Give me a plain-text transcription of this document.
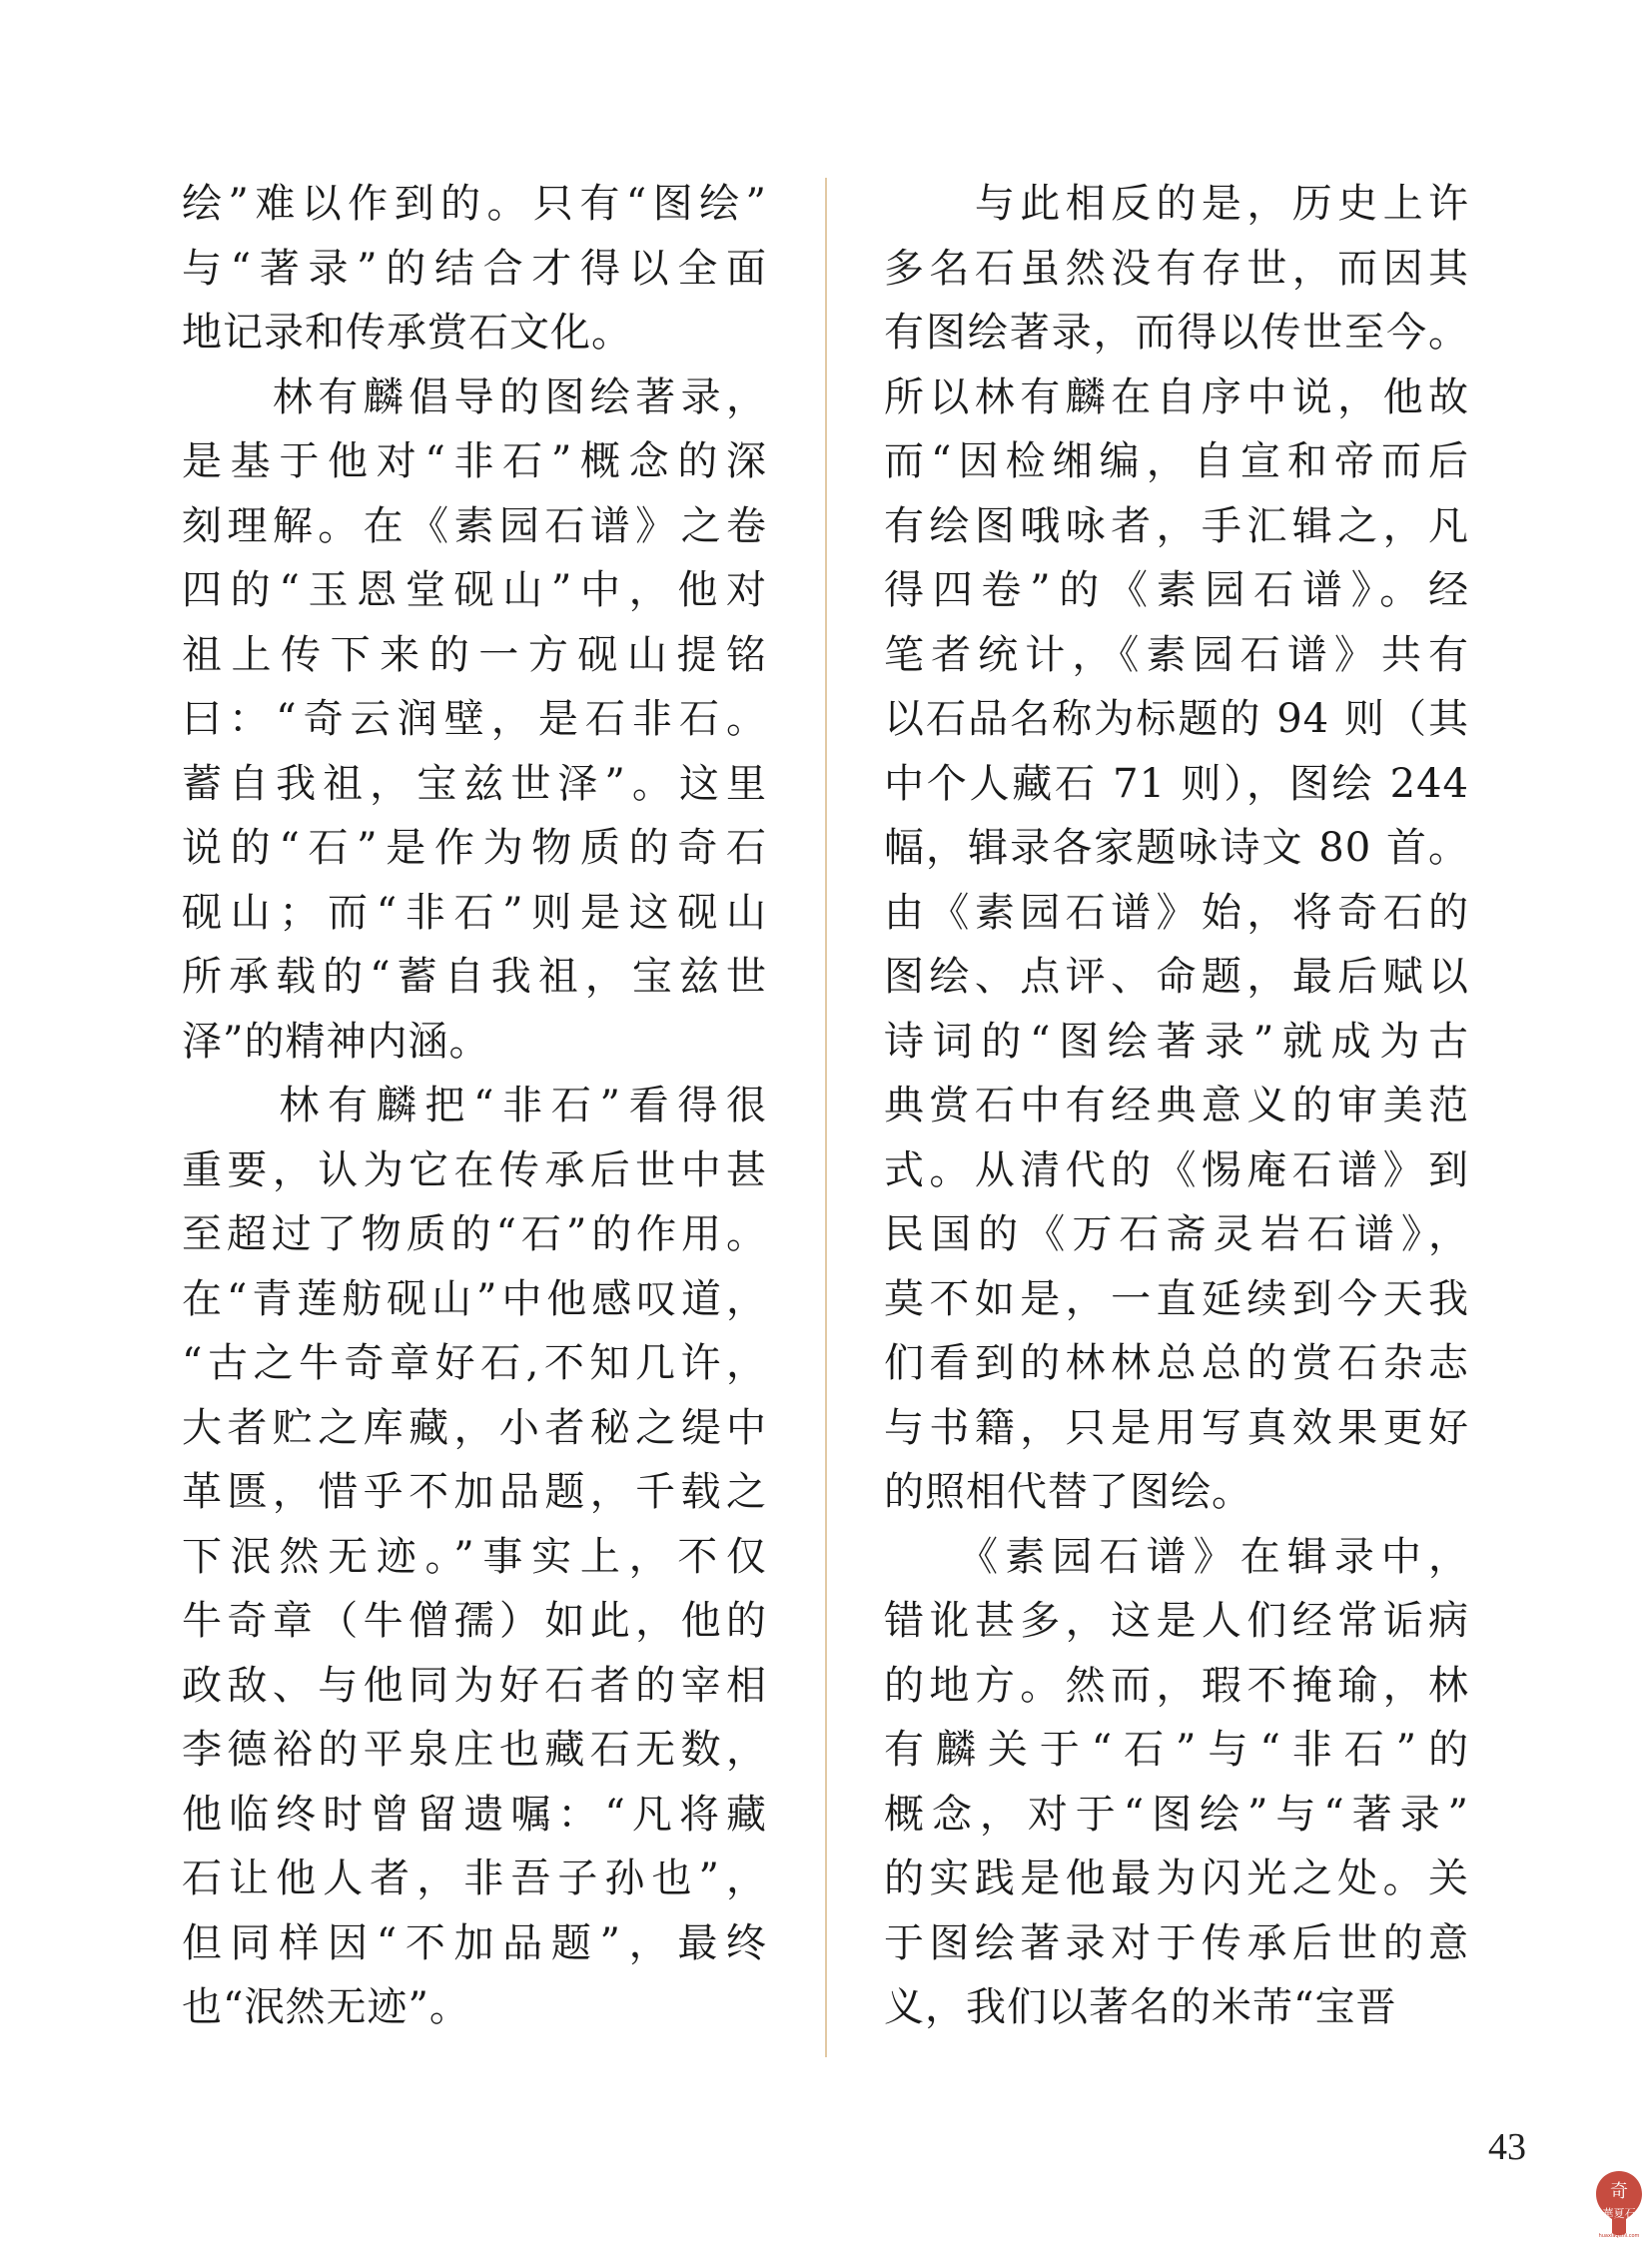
绘”难以作到的。只有“图绘”
与“著录”的结合才得以全面
地记录和传承赏石文化。
　　林有麟倡导的图绘著录，
是基于他对“非石”概念的深
刻理解。在《素园石谱》之卷
四的“玉恩堂砚山”中，他对
祖上传下来的一方砚山提铭
曰：“奇云润壁，是石非石。
蓄自我祖，宝兹世泽”。这里
说的“石”是作为物质的奇石
砚山；而“非石”则是这砚山
所承载的“蓄自我祖，宝兹世
泽”的精神内涵。
　　林有麟把“非石”看得很
重要，认为它在传承后世中甚
至超过了物质的“石”的作用。
在“青莲舫砚山”中他感叹道，
“古之牛奇章好石,不知几许，
大者贮之库藏，小者秘之缇中
革匮，惜乎不加品题，千载之
下泯然无迹。”事实上，不仅
牛奇章（牛僧孺）如此，他的
政敌、与他同为好石者的宰相
李德裕的平泉庄也藏石无数，
他临终时曾留遗嘱：“凡将藏
石让他人者，非吾子孙也”，
但同样因“不加品题”，最终
也“泯然无迹”。
　　与此相反的是，历史上许
多名石虽然没有存世，而因其
有图绘著录，而得以传世至今。
所以林有麟在自序中说，他故
而“因检缃编，自宣和帝而后
有绘图哦咏者，手汇辑之，凡
得四卷”的《素园石谱》。经
笔者统计，《素园石谱》共有
以石品名称为标题的 94 则（其
中个人藏石 71 则），图绘 244
幅，辑录各家题咏诗文 80 首。
由《素园石谱》始，将奇石的
图绘、点评、命题，最后赋以
诗词的“图绘著录”就成为古
典赏石中有经典意义的审美范
式。从清代的《惕庵石谱》到
民国的《万石斋灵岩石谱》，
莫不如是，一直延续到今天我
们看到的林林总总的赏石杂志
与书籍，只是用写真效果更好
的照相代替了图绘。
　　《素园石谱》在辑录中，
错讹甚多，这是人们经常诟病
的地方。然而，瑕不掩瑜，林
有麟关于“石”与“非石”的
概念，对于“图绘”与“著录”
的实践是他最为闪光之处。关
于图绘著录对于传承后世的意
义，我们以著名的米芾“宝晋
43
奇
華夏石
huaxiaqishi.com
